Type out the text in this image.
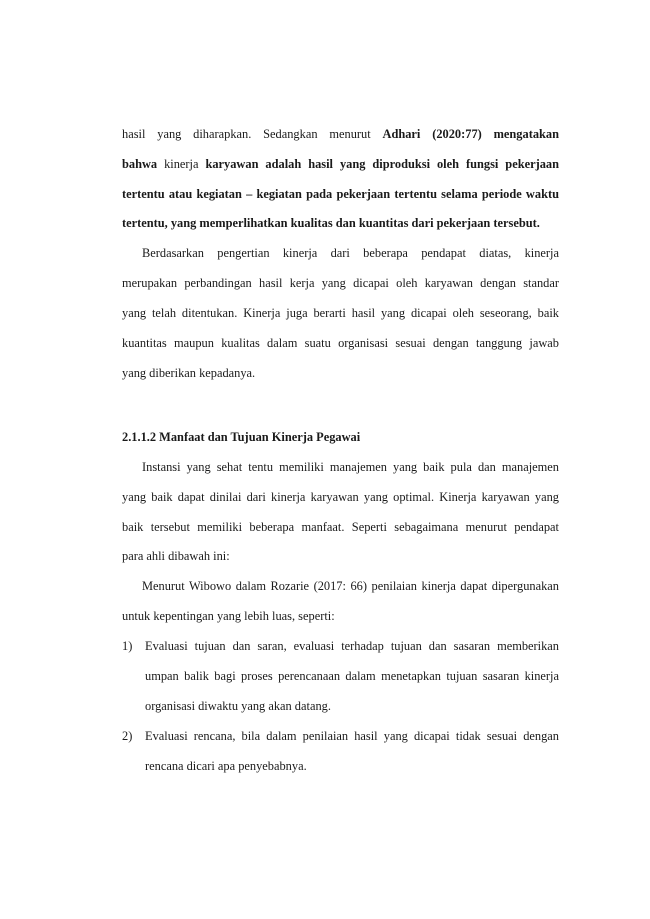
hasil yang diharapkan. Sedangkan menurut Adhari (2020:77) mengatakan
bahwa kinerja karyawan adalah hasil yang diproduksi oleh fungsi pekerjaan
tertentu atau kegiatan – kegiatan pada pekerjaan tertentu selama periode waktu
tertentu, yang memperlihatkan kualitas dan kuantitas dari pekerjaan tersebut.
Berdasarkan pengertian kinerja dari beberapa pendapat diatas, kinerja
merupakan perbandingan hasil kerja yang dicapai oleh karyawan dengan standar
yang telah ditentukan. Kinerja juga berarti hasil yang dicapai oleh seseorang, baik
kuantitas maupun kualitas dalam suatu organisasi sesuai dengan tanggung jawab
yang diberikan kepadanya.
2.1.1.2 Manfaat dan Tujuan Kinerja Pegawai
Instansi yang sehat tentu memiliki manajemen yang baik pula dan manajemen
yang baik dapat dinilai dari kinerja karyawan yang optimal. Kinerja karyawan yang
baik tersebut memiliki beberapa manfaat. Seperti sebagaimana menurut pendapat
para ahli dibawah ini:
Menurut Wibowo dalam Rozarie (2017: 66) penilaian kinerja dapat dipergunakan
untuk kepentingan yang lebih luas, seperti:
1) Evaluasi tujuan dan saran, evaluasi terhadap tujuan dan sasaran memberikan
umpan balik bagi proses perencanaan dalam menetapkan tujuan sasaran kinerja
organisasi diwaktu yang akan datang.
2) Evaluasi rencana, bila dalam penilaian hasil yang dicapai tidak sesuai dengan
rencana dicari apa penyebabnya.
